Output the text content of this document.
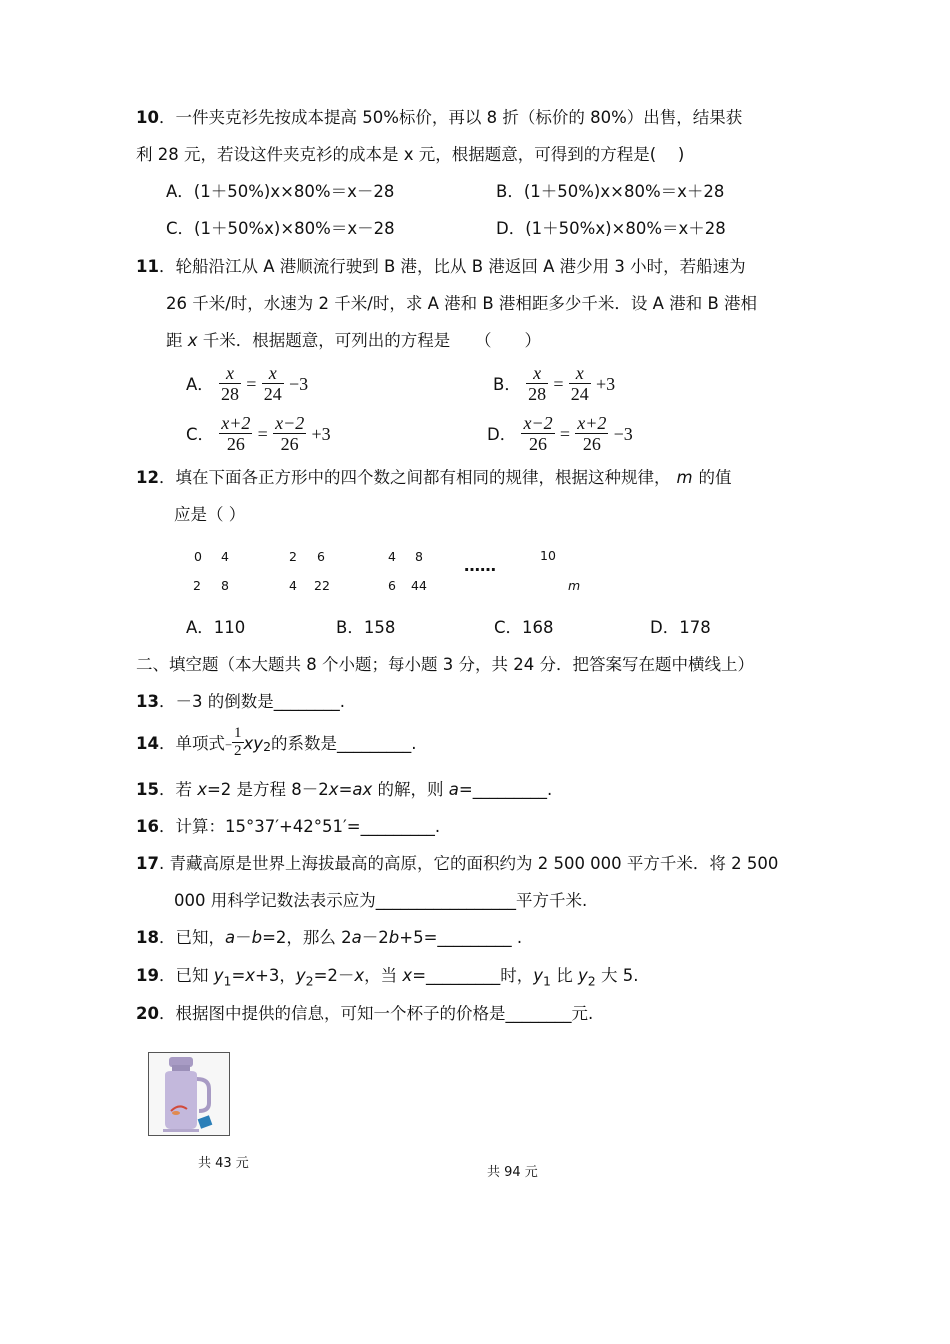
10．一件夹克衫先按成本提高 50%标价，再以 8 折（标价的 80%）出售，结果获
利 28 元，若设这件夹克衫的成本是 x 元，根据题意，可得到的方程是(　 )
A．(1＋50%)x×80%＝x－28	B．(1＋50%)x×80%＝x＋28
C．(1＋50%x)×80%＝x－28	D．(1＋50%x)×80%＝x＋28
11．轮船沿江从 A 港顺流行驶到 B 港，比从 B 港返回 A 港少用 3 小时，若船速为
26 千米/时，水速为 2 千米/时，求 A 港和 B 港相距多少千米．设 A 港和 B 港相
距 x 千米．根据题意，可列出的方程是　　（　　）
A． $\frac{x}{28} = \frac{x}{24} -3$	B． $\frac{x}{28} = \frac{x}{24} +3$
C． $\frac{x+2}{26} = \frac{x-2}{26} +3$	D． $\frac{x-2}{26} = \frac{x+2}{26} -3$
12．填在下面各正方形中的四个数之间都有相同的规律，根据这种规律， m 的值
应是（ ）
0 4
2 8
2 6
4 22
4 8
6 44
……
10
m
A．110	B．158	C．168	D．178
二、填空题（本大题共 8 个小题；每小题 3 分，共 24 分．把答案写在题中横线上）
13．－3 的倒数是________.
14．单项式− $\frac{1}{2} xy2$的系数是_________.
15．若 x=2 是方程 8－2x=ax 的解，则 a=_________.
16．计算：15°37′+42°51′=_________.
17. 青藏高原是世界上海拔最高的高原，它的面积约为 2 500 000 平方千米．将 2 500
000 用科学记数法表示应为_________________平方千米.
18．已知，a－b=2，那么 2a－2b+5=_________ .
19．已知 $y_1=x+3$，$y_2=2-x$，当 x=_________时，$y_1$ 比 $y_2$ 大 5.
20．根据图中提供的信息，可知一个杯子的价格是________元.
共 43 元
共 94 元
